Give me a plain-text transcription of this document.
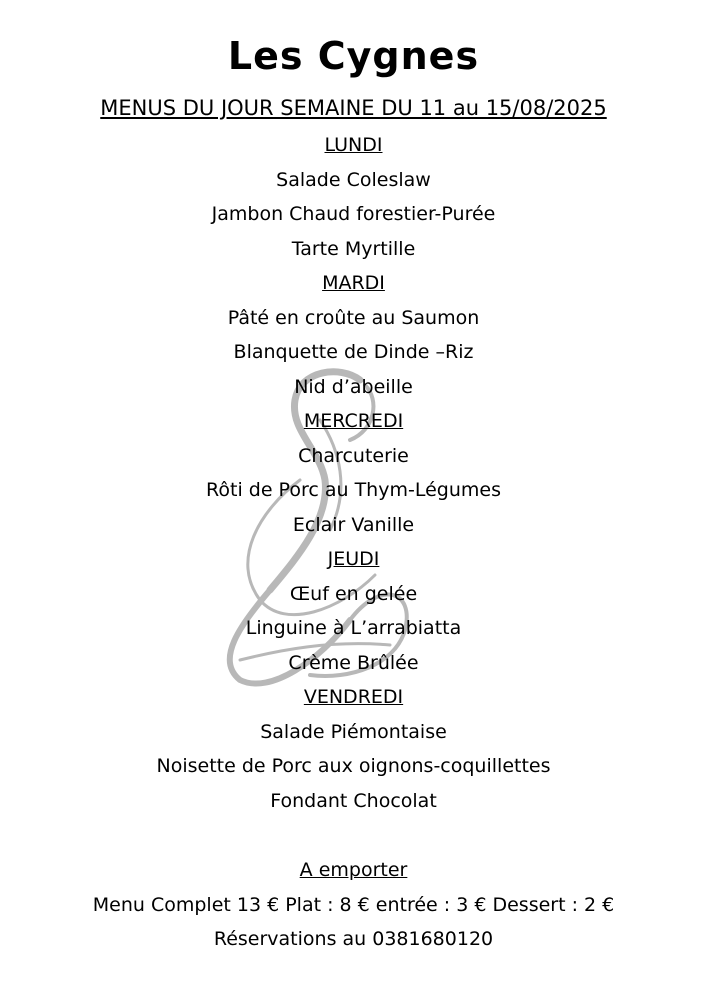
Les Cygnes
MENUS DU JOUR SEMAINE DU 11 au 15/08/2025
LUNDI
Salade Coleslaw
Jambon Chaud forestier-Purée
Tarte Myrtille
MARDI
Pâté en croûte au Saumon
Blanquette de Dinde –Riz
Nid d’abeille
MERCREDI
Charcuterie
Rôti de Porc au Thym-Légumes
Eclair Vanille
JEUDI
Œuf en gelée
Linguine à L’arrabiatta
Crème Brûlée
VENDREDI
Salade Piémontaise
Noisette de Porc aux oignons-coquillettes
Fondant Chocolat
A emporter
Menu Complet 13 € Plat : 8 € entrée : 3 € Dessert : 2 €
Réservations au 0381680120
